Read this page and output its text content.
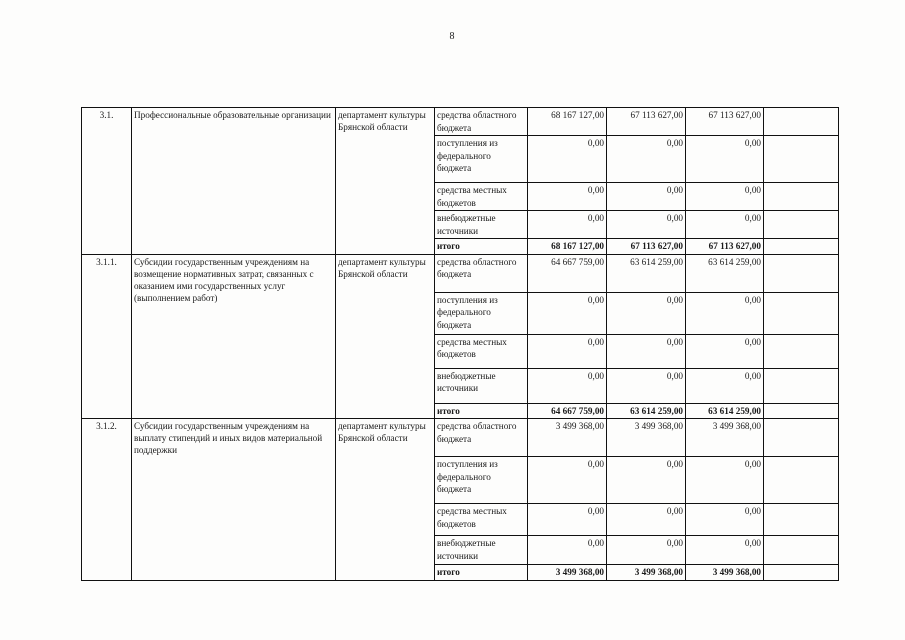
8
3.1.	Профессиональные образовательные организации	департамент культуры Брянской области	средства областного бюджета	68 167 127,00	67 113 627,00	67 113 627,00	
			поступления из федерального бюджета	0,00	0,00	0,00	
			средства местных бюджетов	0,00	0,00	0,00	
			внебюджетные источники	0,00	0,00	0,00	
			итого	68 167 127,00	67 113 627,00	67 113 627,00	
3.1.1.	Субсидии государственным учреждениям на возмещение нормативных затрат, связанных с оказанием ими государственных услуг (выполнением работ)	департамент культуры Брянской области	средства областного бюджета	64 667 759,00	63 614 259,00	63 614 259,00	
			поступления из федерального бюджета	0,00	0,00	0,00	
			средства местных бюджетов	0,00	0,00	0,00	
			внебюджетные источники	0,00	0,00	0,00	
			итого	64 667 759,00	63 614 259,00	63 614 259,00	
3.1.2.	Субсидии государственным учреждениям на выплату стипендий и иных видов материальной поддержки	департамент культуры Брянской области	средства областного бюджета	3 499 368,00	3 499 368,00	3 499 368,00	
			поступления из федерального бюджета	0,00	0,00	0,00	
			средства местных бюджетов	0,00	0,00	0,00	
			внебюджетные источники	0,00	0,00	0,00	
			итого	3 499 368,00	3 499 368,00	3 499 368,00	
